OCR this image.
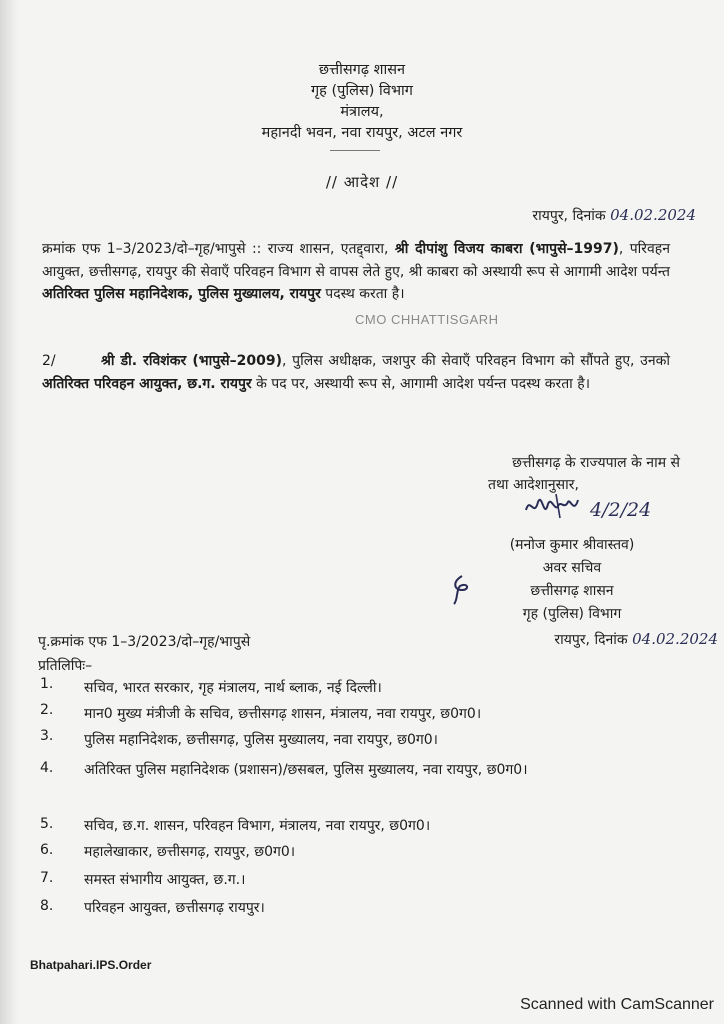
छत्तीसगढ़ शासन
गृह (पुलिस) विभाग
मंत्रालय,
महानदी भवन, नवा रायपुर, अटल नगर
// आदेश //
रायपुर, दिनांक 04.02.2024
क्रमांक एफ 1–3/2023/दो–गृह/भापुसे :: राज्य शासन, एतद्द्वारा, श्री दीपांशु विजय काबरा (भापुसे–1997), परिवहन आयुक्त, छत्तीसगढ़, रायपुर की सेवाएँ परिवहन विभाग से वापस लेते हुए, श्री काबरा को अस्थायी रूप से आगामी आदेश पर्यन्त अतिरिक्त पुलिस महानिदेशक, पुलिस मुख्यालय, रायपुर पदस्थ करता है।
CMO CHHATTISGARH
2/	श्री डी. रविशंकर (भापुसे–2009), पुलिस अधीक्षक, जशपुर की सेवाएँ परिवहन विभाग को सौंपते हुए, उनको अतिरिक्त परिवहन आयुक्त, छ.ग. रायपुर के पद पर, अस्थायी रूप से, आगामी आदेश पर्यन्त पदस्थ करता है।
छत्तीसगढ़ के राज्यपाल के नाम से
तथा आदेशानुसार,
4/2/24
(मनोज कुमार श्रीवास्तव)
अवर सचिव
छत्तीसगढ़ शासन
गृह (पुलिस) विभाग
पृ.क्रमांक एफ 1–3/2023/दो–गृह/भापुसे	रायपुर, दिनांक 04.02.2024
प्रतिलिपिः–
1.	सचिव, भारत सरकार, गृह मंत्रालय, नार्थ ब्लाक, नई दिल्ली।
2.	मान0 मुख्य मंत्रीजी के सचिव, छत्तीसगढ़ शासन, मंत्रालय, नवा रायपुर, छ0ग0।
3.	पुलिस महानिदेशक, छत्तीसगढ़, पुलिस मुख्यालय, नवा रायपुर, छ0ग0।
4.	अतिरिक्त पुलिस महानिदेशक (प्रशासन)/छसबल, पुलिस मुख्यालय, नवा रायपुर, छ0ग0।
5.	सचिव, छ.ग. शासन, परिवहन विभाग, मंत्रालय, नवा रायपुर, छ0ग0।
6.	महालेखाकार, छत्तीसगढ़, रायपुर, छ0ग0।
7.	समस्त संभागीय आयुक्त, छ.ग.।
8.	परिवहन आयुक्त, छत्तीसगढ़ रायपुर।
Bhatpahari.IPS.Order
Scanned with CamScanner
